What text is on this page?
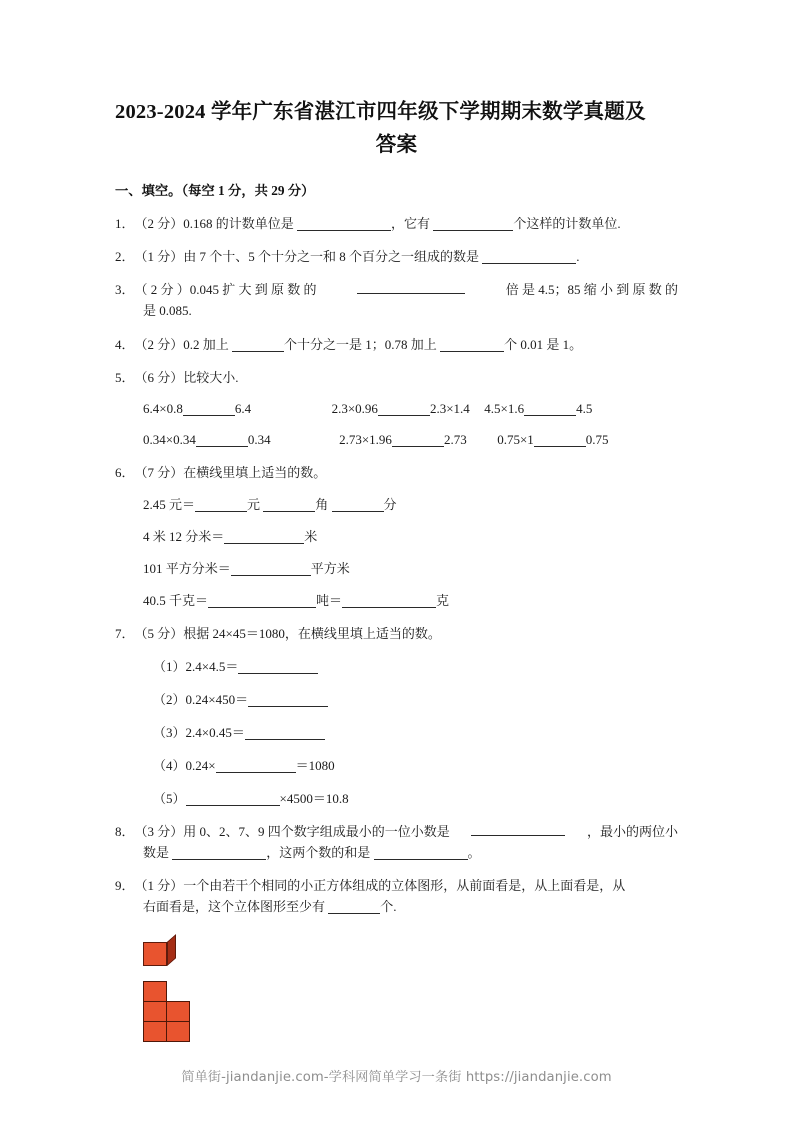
2023-2024 学年广东省湛江市四年级下学期期末数学真题及
答案
一、填空。（每空 1 分，共 29 分）
1．（2 分）0.168 的计数单位是	，它有	个这样的计数单位.
2．（1 分）由 7 个十、5 个十分之一和 8 个百分之一组成的数是	.
3．（ 2 分 ）0.045 扩 大 到 原 数 的	倍 是 4.5；85 缩 小 到 原 数 的
是 0.085.
4．（2 分）0.2 加上	个十分之一是 1；0.78 加上	个 0.01 是 1。
5．（6 分）比较大小.
6.4×0.8	6.4	2.3×0.96	2.3×1.4 4.5×1.6	4.5
0.34×0.34	0.34	2.73×1.96	2.73 0.75×1	0.75
6．（7 分）在横线里填上适当的数。
2.45 元＝	元	角	分
4 米 12 分米＝	米
101 平方分米＝	平方米
40.5 千克＝	吨＝	克
7．（5 分）根据 24×45＝1080，在横线里填上适当的数。
（1）2.4×4.5＝
（2）0.24×450＝
（3）2.4×0.45＝
（4）0.24×	＝1080
（5）	×4500＝10.8
8．（3 分）用 0、2、7、9 四个数字组成最小的一位小数是	，最小的两位小
数是	，这两个数的和是	。
9．（1 分）一个由若干个相同的小正方体组成的立体图形，从前面看是，从上面看是，从
右面看是，这个立体图形至少有	个.
简单街-jiandanjie.com-学科网简单学习一条街 https://jiandanjie.com
